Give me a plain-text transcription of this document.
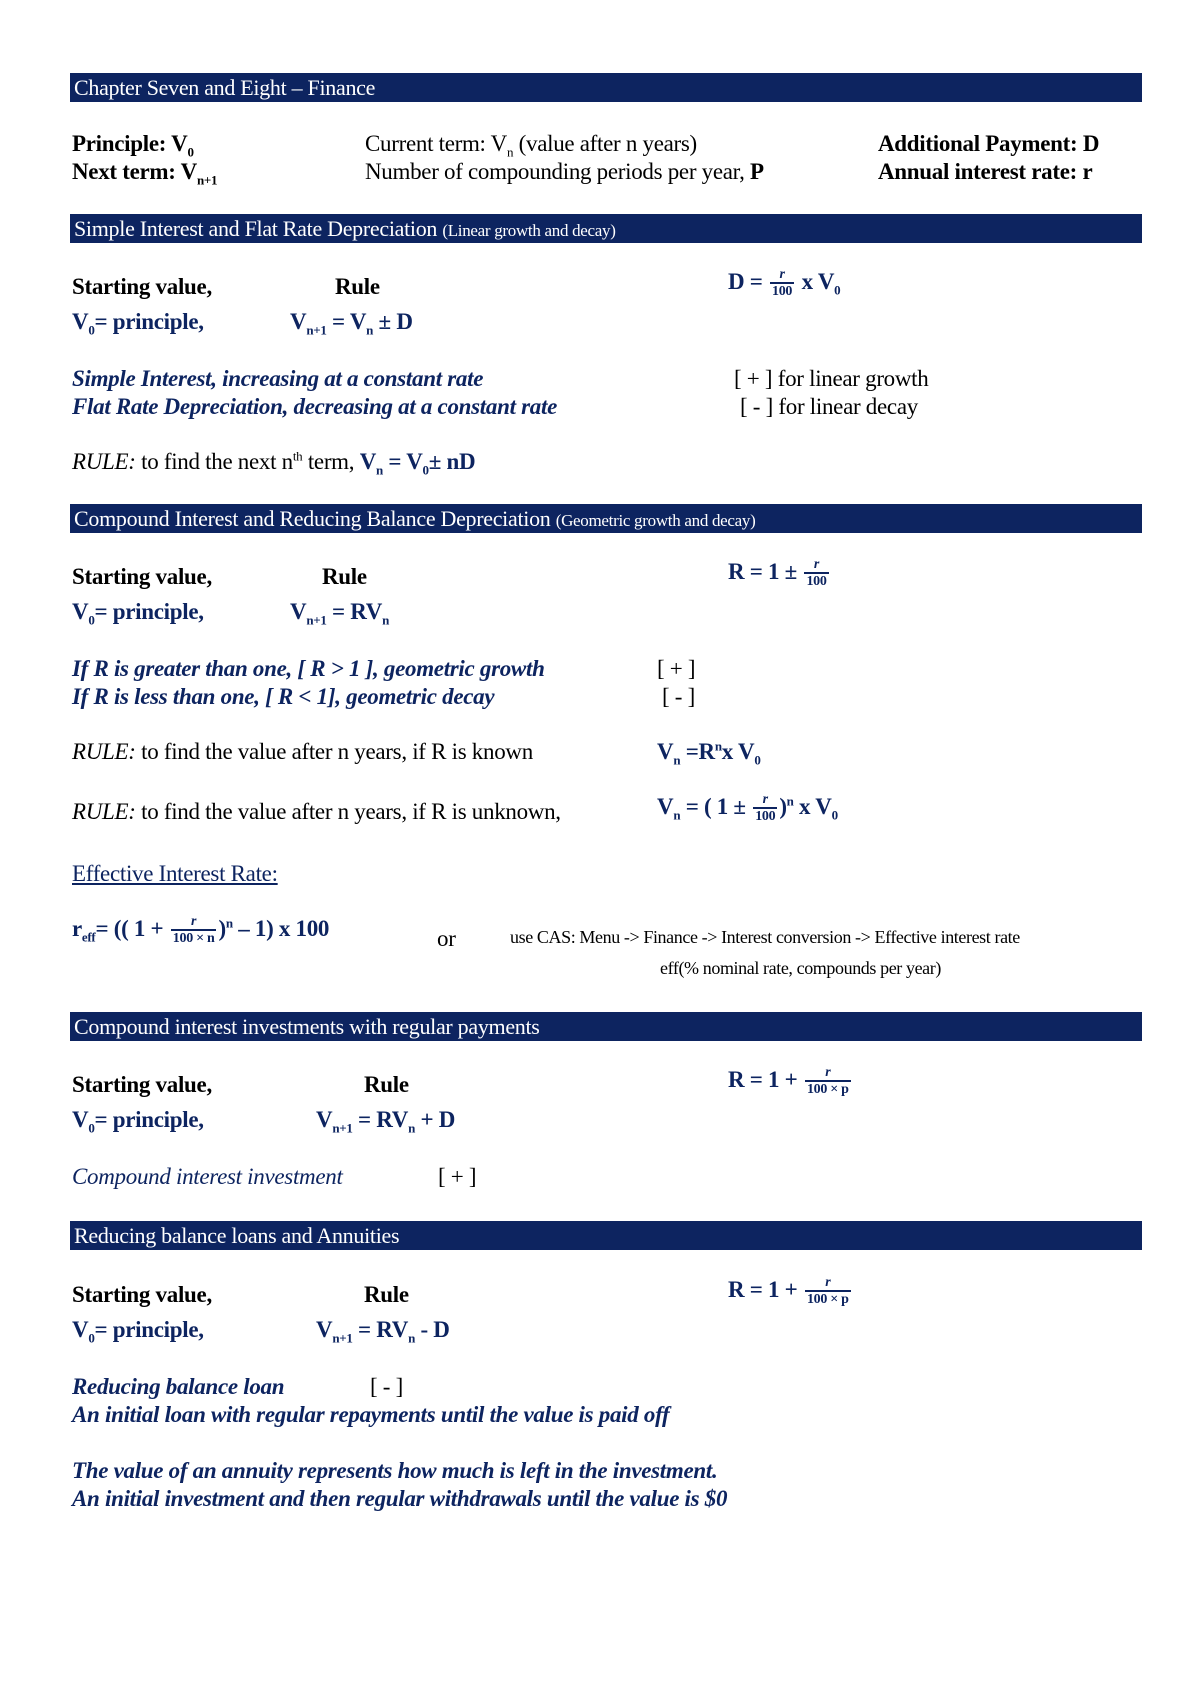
Chapter Seven and Eight – Finance
Principle: $V_0$
Next term: $V_{n+1}$
Current term: $V_n$ (value after n years)
Number of compounding periods per year, P
Additional Payment: D
Annual interest rate: r
Simple Interest and Flat Rate Depreciation (Linear growth and decay)
Starting value,	Rule
$V_0=$ principle,	$V_{n+1} = V_n \pm D$
$D = \frac{r}{100}$ x $V_0$
Simple Interest, increasing at a constant rate
Flat Rate Depreciation, decreasing at a constant rate
[ + ] for linear growth
[ - ] for linear decay
RULE: to find the next $n^{th}$ term, $V_n = V_0\pm$ nD
Compound Interest and Reducing Balance Depreciation (Geometric growth and decay)
Starting value,	Rule
$V_0=$ principle,	$V_{n+1} = RV_n$
$R = 1 \pm \frac{r}{100}$
If R is greater than one, [ R > 1 ], geometric growth
If R is less than one, [ R < 1], geometric decay
[ + ]
[ - ]
RULE: to find the value after n years, if R is known	$V_n =R^nx$ $V_0$
RULE: to find the value after n years, if R is unknown,	$V_n$ = ( $1 \pm \frac{r}{100} )^n$ x $V_0$
Effective Interest Rate:
$r_{eff}=$ (( $1 + \frac{r}{100 \times n} )^n - 1$) x 100	or	use CAS: Menu -> Finance -> Interest conversion -> Effective interest rate
eff(% nominal rate, compounds per year)
Compound interest investments with regular payments
Starting value,	Rule
$V_0=$ principle,	$V_{n+1} = RV_n + D$
$R = 1 + \frac{r}{100 \times p}$
Compound interest investment	[ + ]
Reducing balance loans and Annuities
Starting value,	Rule
$V_0=$ principle,	$V_{n+1} = RV_n - D$
$R = 1 + \frac{r}{100 \times p}$
Reducing balance loan	[ - ]
An initial loan with regular repayments until the value is paid off
The value of an annuity represents how much is left in the investment.
An initial investment and then regular withdrawals until the value is $0
